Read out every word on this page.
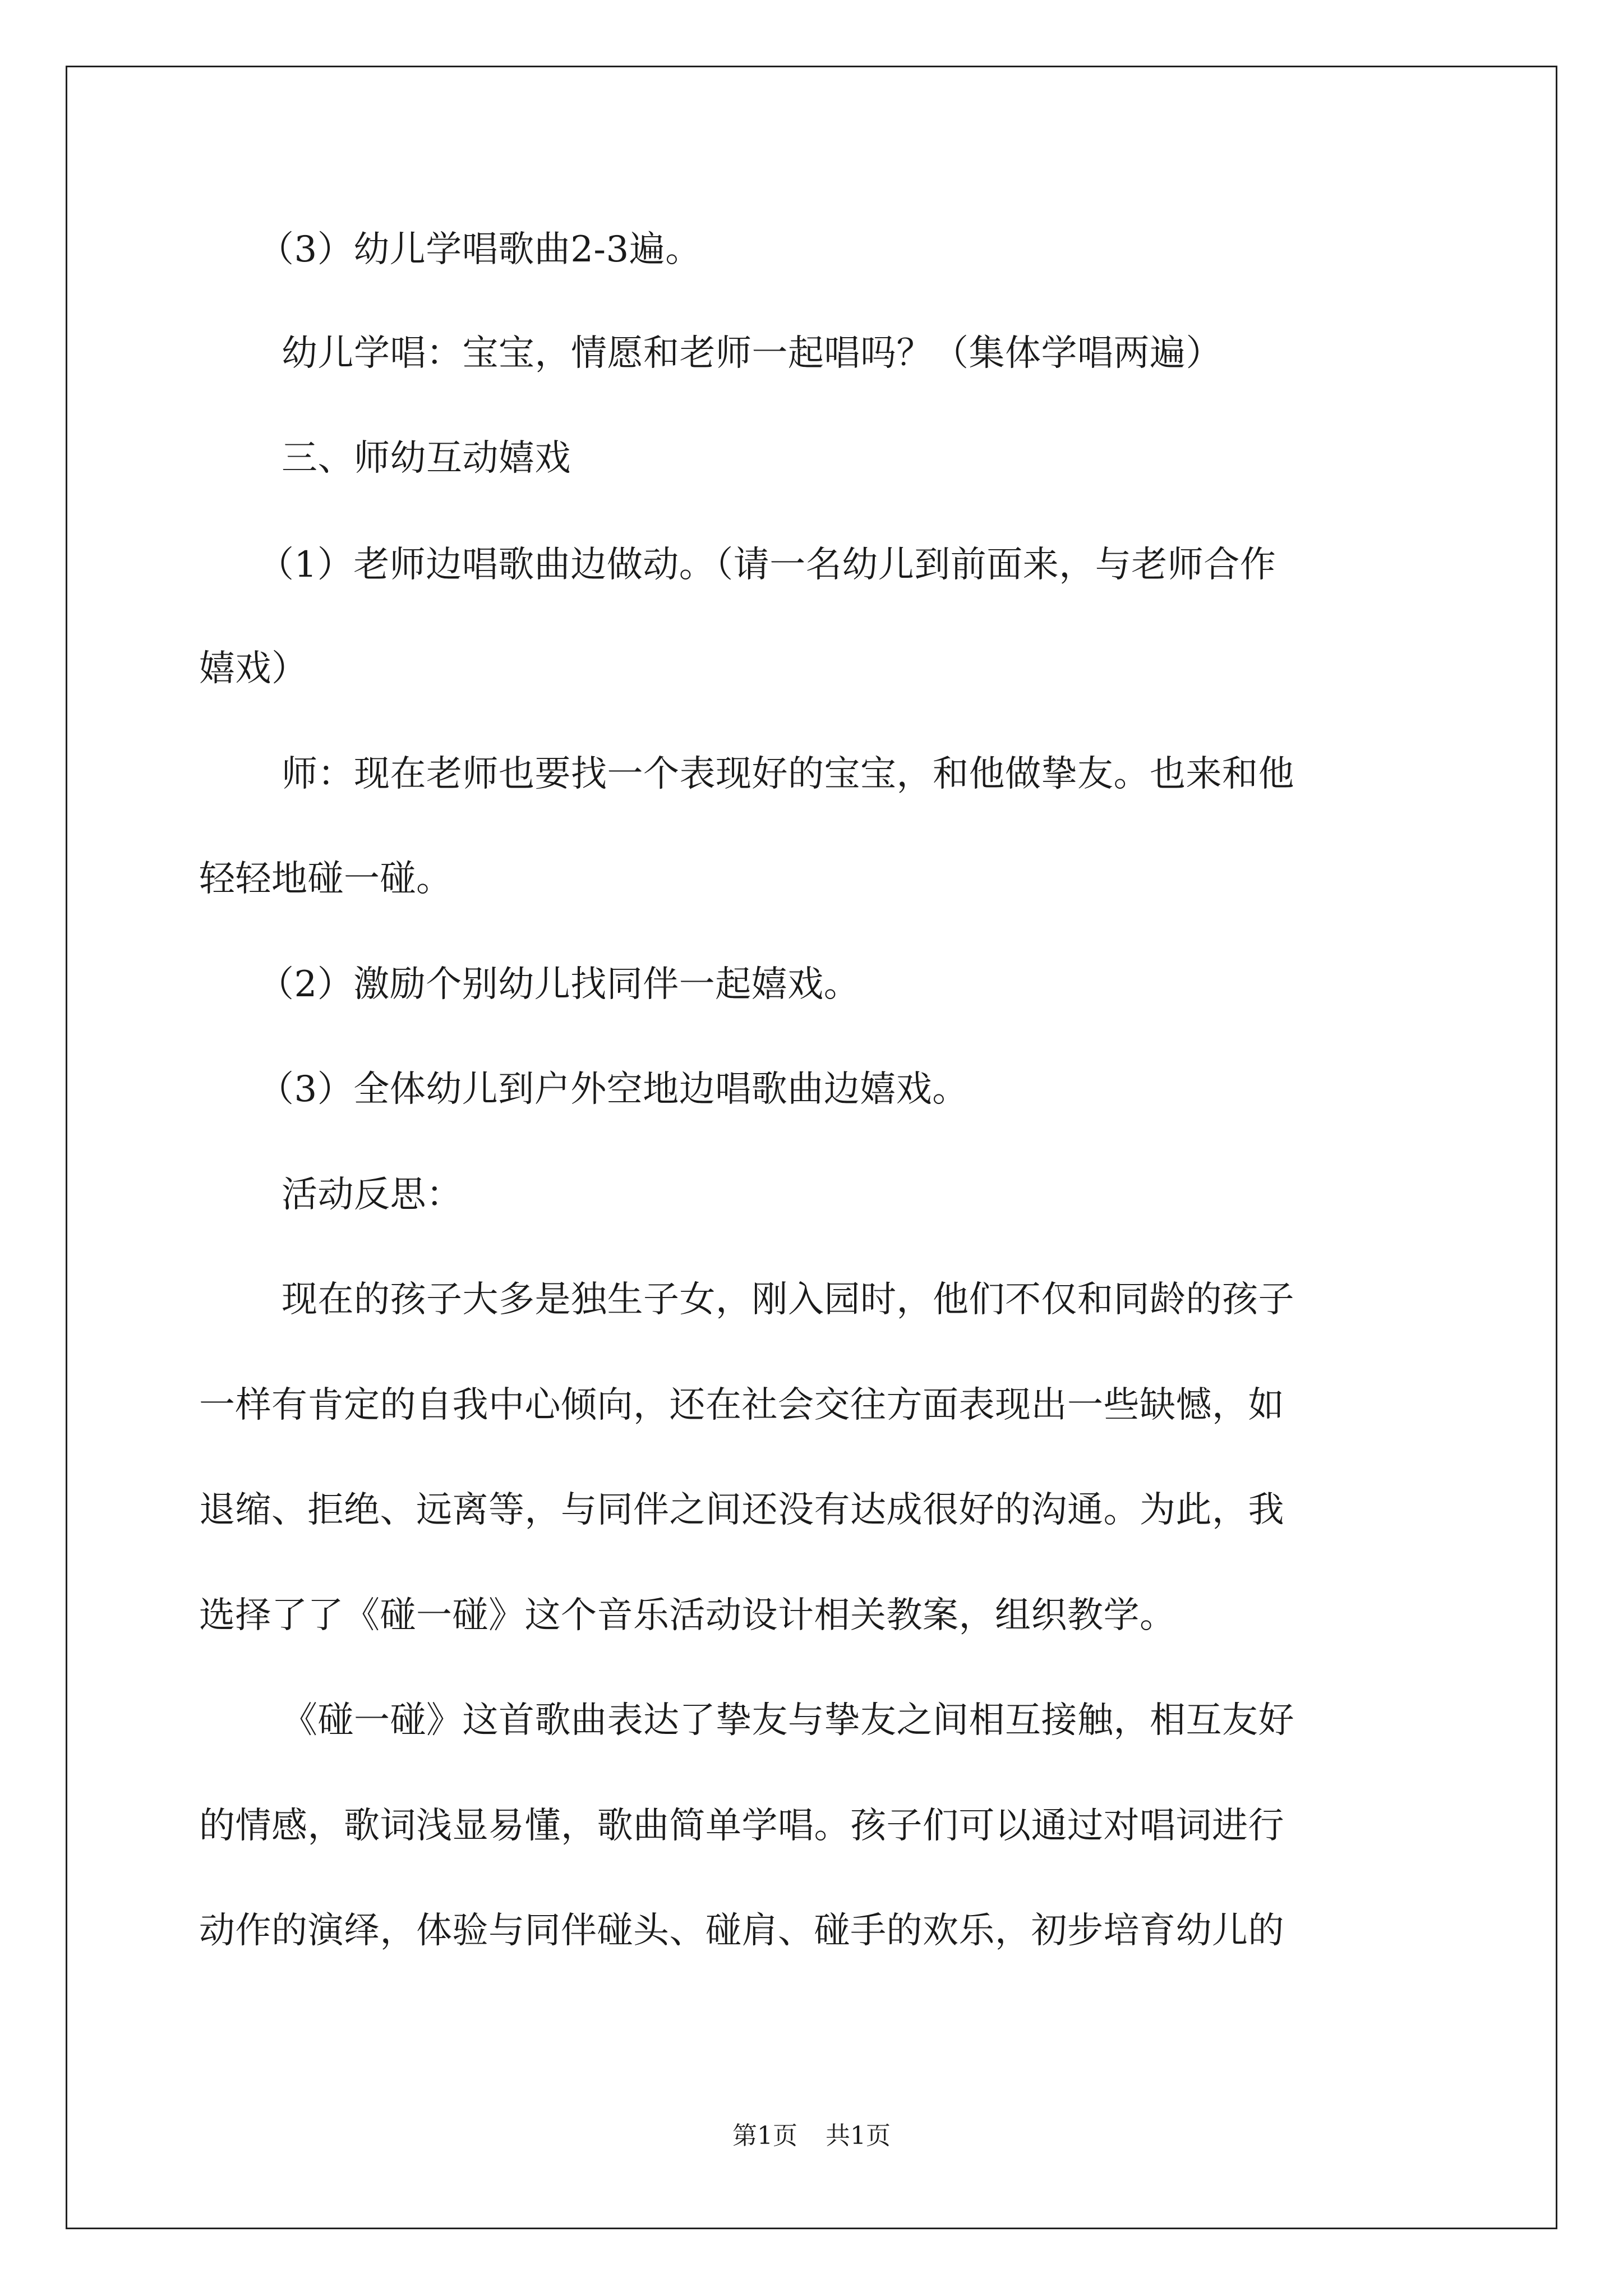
（3）幼儿学唱歌曲2-3遍。
幼儿学唱：宝宝，情愿和老师一起唱吗？（集体学唱两遍）
三、师幼互动嬉戏
（1）老师边唱歌曲边做动。（请一名幼儿到前面来，与老师合作
嬉戏）
师：现在老师也要找一个表现好的宝宝，和他做挚友。也来和他
轻轻地碰一碰。
（2）激励个别幼儿找同伴一起嬉戏。
（3）全体幼儿到户外空地边唱歌曲边嬉戏。
活动反思：
现在的孩子大多是独生子女，刚入园时，他们不仅和同龄的孩子
一样有肯定的自我中心倾向，还在社会交往方面表现出一些缺憾，如
退缩、拒绝、远离等，与同伴之间还没有达成很好的沟通。为此，我
选择了了《碰一碰》这个音乐活动设计相关教案，组织教学。
《碰一碰》这首歌曲表达了挚友与挚友之间相互接触，相互友好
的情感，歌词浅显易懂，歌曲简单学唱。孩子们可以通过对唱词进行
动作的演绎，体验与同伴碰头、碰肩、碰手的欢乐，初步培育幼儿的
第1页 共1页
